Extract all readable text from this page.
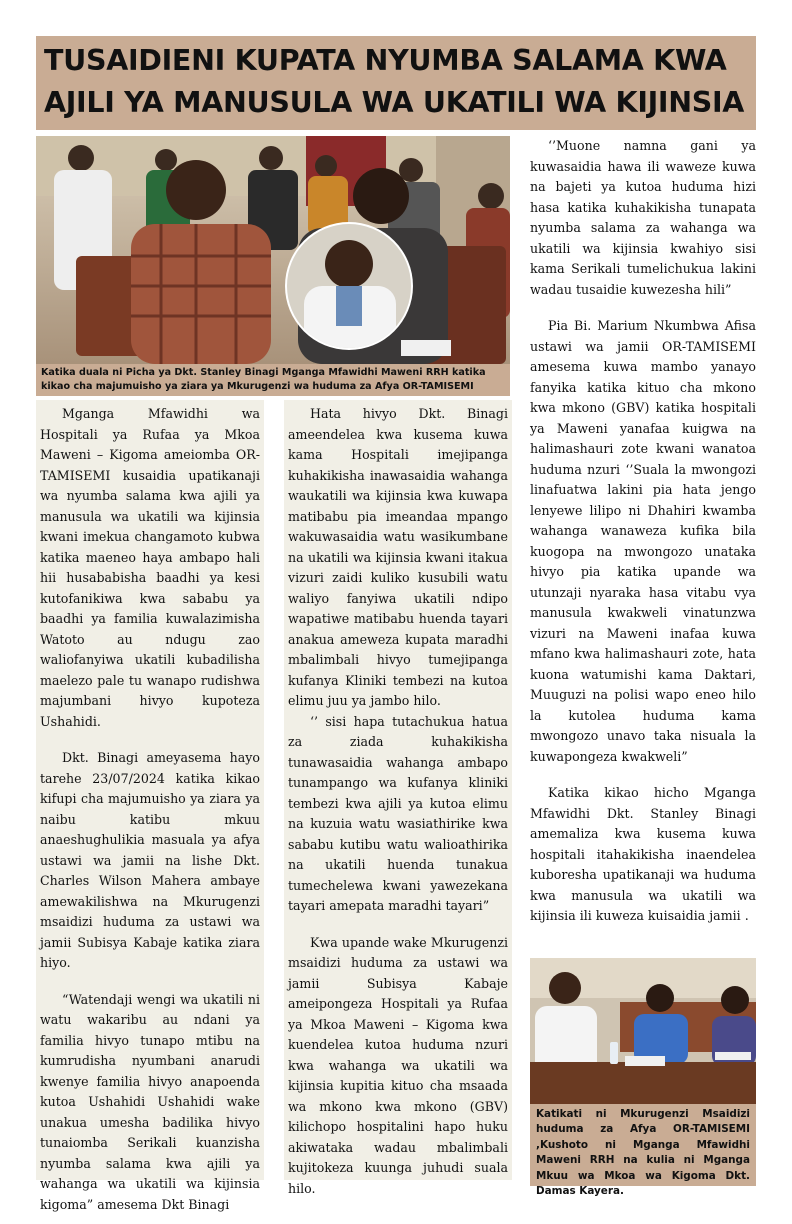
TUSAIDIENI KUPATA NYUMBA SALAMA KWA
AJILI YA MANUSULA WA UKATILI WA KIJINSIA
Katika duala ni Picha ya Dkt. Stanley Binagi Mganga Mfawidhi Maweni RRH katika
kikao cha majumuisho ya ziara ya Mkurugenzi wa huduma za Afya OR-TAMISEMI

Mganga Mfawidhi wa Hospitali ya Rufaa ya Mkoa Maweni – Kigoma ameiomba OR-TAMISEMI kusaidia upatikanaji wa nyumba salama kwa ajili ya manusula wa ukatili wa kijinsia kwani imekua changamoto kubwa katika maeneo haya ambapo hali hii husababisha baadhi ya kesi kutofanikiwa kwa sababu ya baadhi ya familia kuwalazimisha Watoto au ndugu zao waliofanyiwa ukatili kubadilisha maelezo pale tu wanapo rudishwa majumbani hivyo kupoteza Ushahidi.

Dkt. Binagi ameyasema hayo tarehe 23/07/2024 katika kikao kifupi cha majumuisho ya ziara ya naibu katibu mkuu anaeshughulikia masuala ya afya ustawi wa jamii na lishe Dkt. Charles Wilson Mahera ambaye amewakilishwa na Mkurugenzi msaidizi huduma za ustawi wa jamii Subisya Kabaje katika ziara hiyo.

“Watendaji wengi wa ukatili ni watu wakaribu au ndani ya familia hivyo tunapo mtibu na kumrudisha nyumbani anarudi kwenye familia hivyo anapoenda kutoa Ushahidi Ushahidi wake unakua umesha badilika hivyo tunaiomba Serikali kuanzisha nyumba salama kwa ajili ya wahanga wa ukatili wa kijinsia kigoma” amesema Dkt Binagi

Hata hivyo Dkt. Binagi ameendelea kwa kusema kuwa kama Hospitali imejipanga kuhakikisha inawasaidia wahanga waukatili wa kijinsia kwa kuwapa matibabu pia imeandaa mpango wakuwasaidia watu wasikumbane na ukatili wa kijinsia kwani itakua vizuri zaidi kuliko kusubili watu waliyo fanyiwa ukatili ndipo wapatiwe matibabu huenda tayari anakua ameweza kupata maradhi mbalimbali hivyo tumejipanga kufanya Kliniki tembezi na kutoa elimu juu ya jambo hilo.

‘’ sisi hapa tutachukua hatua za ziada kuhakikisha tunawasaidia wahanga ambapo tunampango wa kufanya kliniki tembezi kwa ajili ya kutoa elimu na kuzuia watu wasiathirike kwa sababu kutibu watu walioathirika na ukatili huenda tunakua tumechelewa kwani yawezekana tayari amepata maradhi tayari”

Kwa upande wake Mkurugenzi msaidizi huduma za ustawi wa jamii Subisya Kabaje ameipongeza Hospitali ya Rufaa ya Mkoa Maweni – Kigoma kwa kuendelea kutoa huduma nzuri kwa wahanga wa ukatili wa kijinsia kupitia kituo cha msaada wa mkono kwa mkono (GBV) kilichopo hospitalini hapo huku akiwataka wadau mbalimbali kujitokeza kuunga juhudi suala hilo.

‘’Muone namna gani ya kuwasaidia hawa ili waweze kuwa na bajeti ya kutoa huduma hizi hasa katika kuhakikisha tunapata nyumba salama za wahanga wa ukatili wa kijinsia kwahiyo sisi kama Serikali tumelichukua lakini wadau tusaidie kuwezesha hili”

Pia Bi. Marium Nkumbwa Afisa ustawi wa jamii OR-TAMISEMI amesema kuwa mambo yanayo fanyika katika kituo cha mkono kwa mkono (GBV) katika hospitali ya Maweni yanafaa kuigwa na halimashauri zote kwani wanatoa huduma nzuri ‘’Suala la mwongozi linafuatwa lakini pia hata jengo lenyewe lilipo ni Dhahiri kwamba wahanga wanaweza kufika bila kuogopa na mwongozo unataka hivyo pia katika upande wa utunzaji nyaraka hasa vitabu vya manusula kwakweli vinatunzwa vizuri na Maweni inafaa kuwa mfano kwa halimashauri zote, hata kuona watumishi kama Daktari, Muuguzi na polisi wapo eneo hilo la kutolea huduma kama mwongozo unavo taka nisuala la kuwapongeza kwakweli”

Katika kikao hicho Mganga Mfawidhi Dkt. Stanley Binagi amemaliza kwa kusema kuwa hospitali itahakikisha inaendelea kuboresha upatikanaji wa huduma kwa manusula wa ukatili wa kijinsia ili kuweza kuisaidia jamii .

Katikati ni Mkurugenzi Msaidizi huduma za Afya OR-TAMISEMI ,Kushoto ni Mganga Mfawidhi Maweni RRH na kulia ni Mganga Mkuu wa Mkoa wa Kigoma Dkt. Damas Kayera.
